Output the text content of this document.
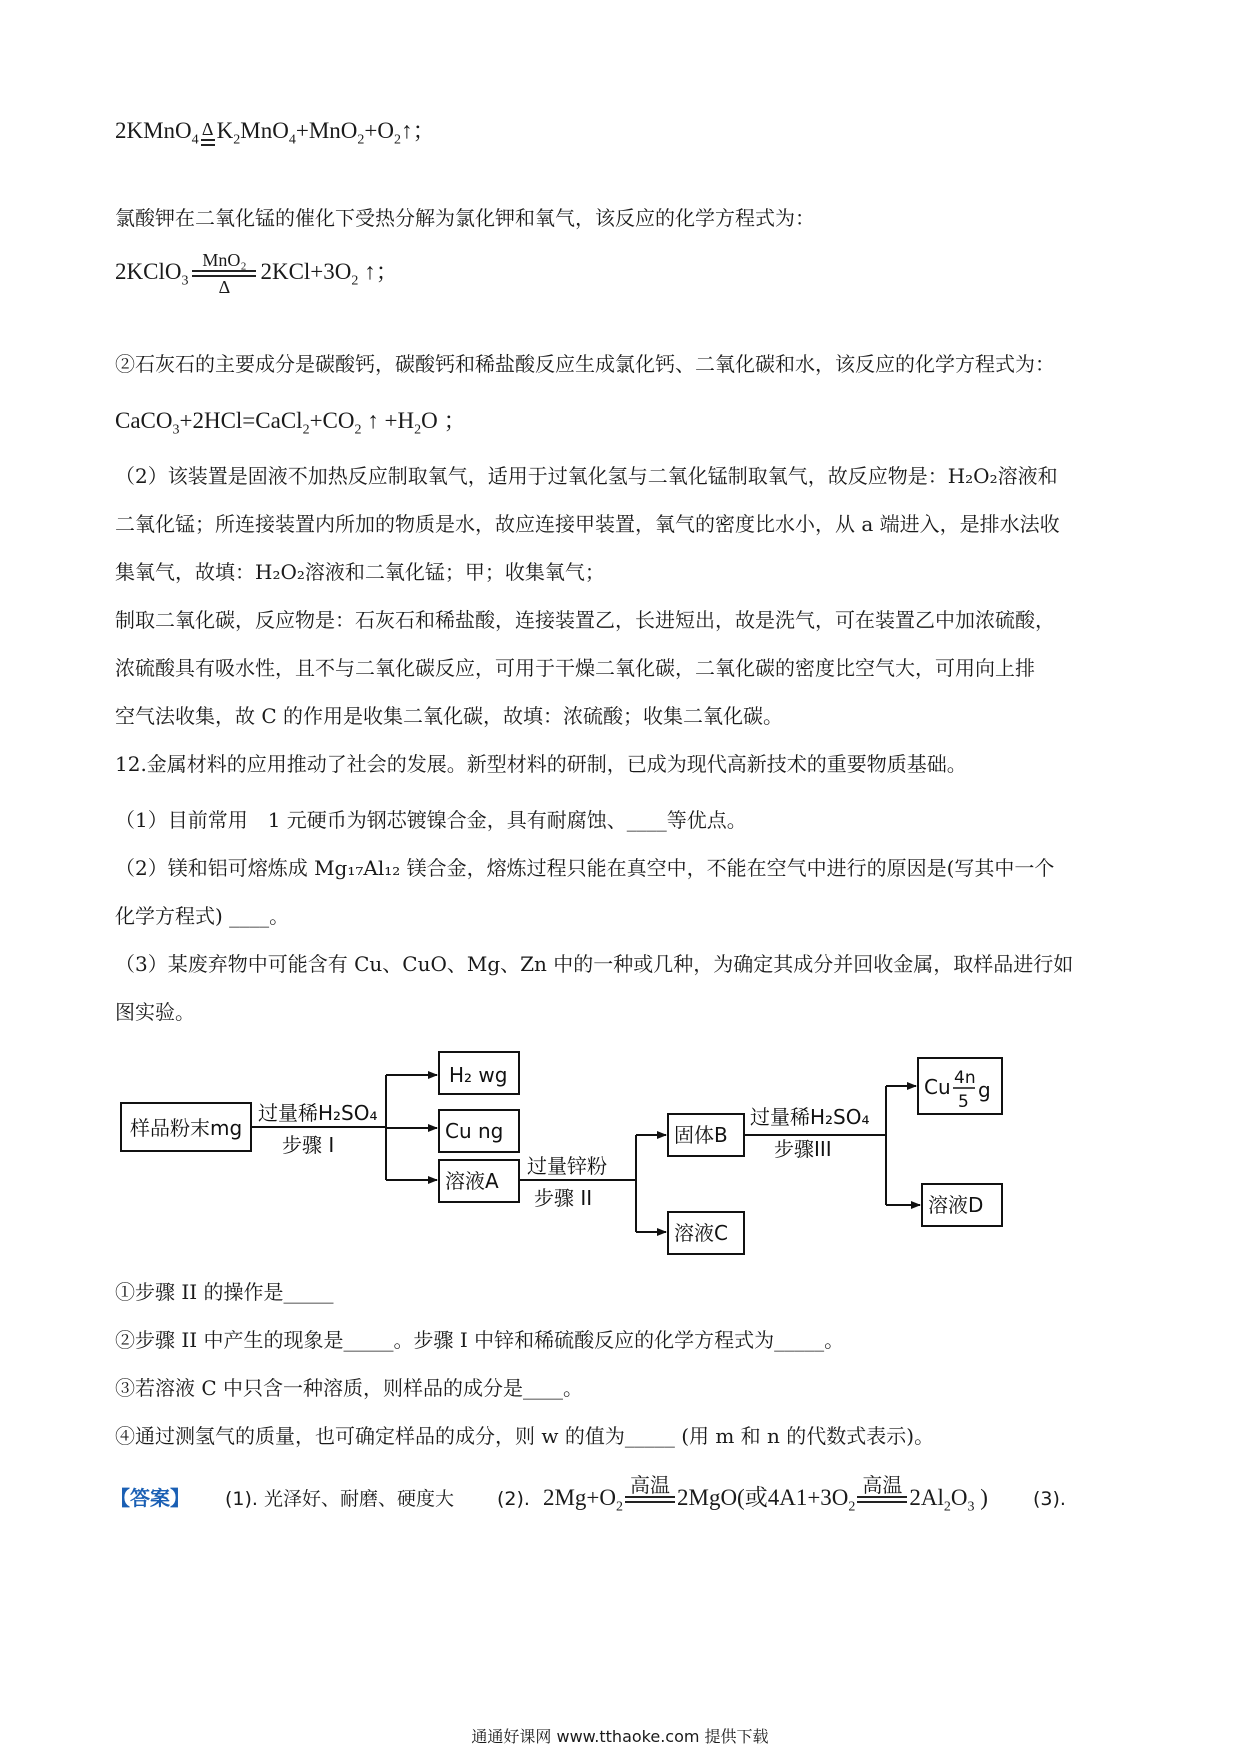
2KMnO$_4$
Δ $K_2MnO_4+MnO_2+O_2↑$；
氯酸钾在二氧化锰的催化下受热分解为氯化钾和氧气，该反应的化学方程式为：
2KClO$_3$
MnO₂
Δ
$2KCl+3O_2$ ↑；
②石灰石的主要成分是碳酸钙，碳酸钙和稀盐酸反应生成氯化钙、二氧化碳和水，该反应的化学方程式为：
$CaCO_3+2HCl=CaCl_2+CO_2$ ↑ $+H_2O$ ；
（2）该装置是固液不加热反应制取氧气，适用于过氧化氢与二氧化锰制取氧气，故反应物是：H₂O₂溶液和
二氧化锰；所连接装置内所加的物质是水，故应连接甲装置，氧气的密度比水小，从 a 端进入，是排水法收
集氧气，故填：H₂O₂溶液和二氧化锰；甲；收集氧气；
制取二氧化碳，反应物是：石灰石和稀盐酸，连接装置乙，长进短出，故是洗气，可在装置乙中加浓硫酸，
浓硫酸具有吸水性，且不与二氧化碳反应，可用于干燥二氧化碳，二氧化碳的密度比空气大，可用向上排
空气法收集，故 C 的作用是收集二氧化碳，故填：浓硫酸；收集二氧化碳。
12.金属材料的应用推动了社会的发展。新型材料的研制，已成为现代高新技术的重要物质基础。
（1）目前常用　1 元硬币为钢芯镀镍合金，具有耐腐蚀、____等优点。
（2）镁和铝可熔炼成 Mg₁₇Al₁₂ 镁合金，熔炼过程只能在真空中，不能在空气中进行的原因是(写其中一个
化学方程式) ____。
（3）某废弃物中可能含有 Cu、CuO、Mg、Zn 中的一种或几种，为确定其成分并回收金属，取样品进行如
图实验。
样品粉末mg
过量稀H₂SO₄
步骤 I
H₂ wg
Cu ng
溶液A
过量锌粉
步骤 II
固体B
溶液C
过量稀H₂SO₄
步骤III
Cu 4n
5 g
溶液D
①步骤 II 的操作是_____
②步骤 II 中产生的现象是_____。步骤 I 中锌和稀硫酸反应的化学方程式为_____。
③若溶液 C 中只含一种溶质，则样品的成分是____。
④通过测氢气的质量，也可确定样品的成分，则 w 的值为_____ (用 m 和 n 的代数式表示)。
【答案】 (1). 光泽好、耐磨、硬度大 (2). $2Mg+O_2$
高温
2MgO(或$4A1+3O_2$
高温
$2Al_2O_3$ ) (3).
通通好课网 www.tthaoke.com 提供下载
